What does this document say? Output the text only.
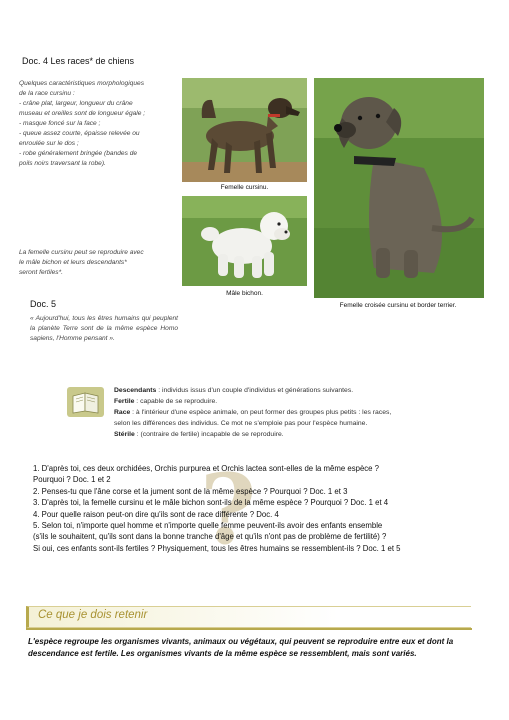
Doc. 4 Les races* de chiens
Quelques caractéristiques morphologiques
de la race cursinu :
- crâne plat, largeur, longueur du crâne
museau et oreilles sont de longueur égale ;
- masque foncé sur la face ;
- queue assez courte, épaisse relevée ou
enroulée sur le dos ;
- robe généralement bringée (bandes de
poils noirs traversant la robe).
Femelle cursinu.
Mâle bichon.
Femelle croisée cursinu et border terrier.
La femelle cursinu peut se reproduire avec
le mâle bichon et leurs descendants*
seront fertiles*.
Doc. 5
« Aujourd'hui, tous les êtres humains qui peuplent la planète Terre sont de la même espèce Homo sapiens, l'Homme pensant ».
Descendants : individus issus d'un couple d'individus et générations suivantes.
Fertile : capable de se reproduire.
Race : à l'intérieur d'une espèce animale, on peut former des groupes plus petits : les races,
selon les différences des individus. Ce mot ne s'emploie pas pour l'espèce humaine.
Stérile : (contraire de fertile) incapable de se reproduire.
?
1. D'après toi, ces deux orchidées, Orchis purpurea et Orchis lactea sont-elles de la même espèce ?
Pourquoi ? Doc. 1 et 2
2. Penses-tu que l'âne corse et la jument sont de la même espèce ? Pourquoi ? Doc. 1 et 3
3. D'après toi, la femelle cursinu et le mâle bichon sont-ils de la même espèce ? Pourquoi ? Doc. 1 et 4
4. Pour quelle raison peut-on dire qu'ils sont de race différente ? Doc. 4
5. Selon toi, n'importe quel homme et n'importe quelle femme peuvent-ils avoir des enfants ensemble
(s'ils le souhaitent, qu'ils sont dans la bonne tranche d'âge et qu'ils n'ont pas de problème de fertilité) ?
Si oui, ces enfants sont-ils fertiles ? Physiquement, tous les êtres humains se ressemblent-ils ? Doc. 1 et 5
Ce que je dois retenir
L'espèce regroupe les organismes vivants, animaux ou végétaux, qui peuvent se reproduire entre eux et dont la descendance est fertile. Les organismes vivants de la même espèce se ressemblent, mais sont variés.
